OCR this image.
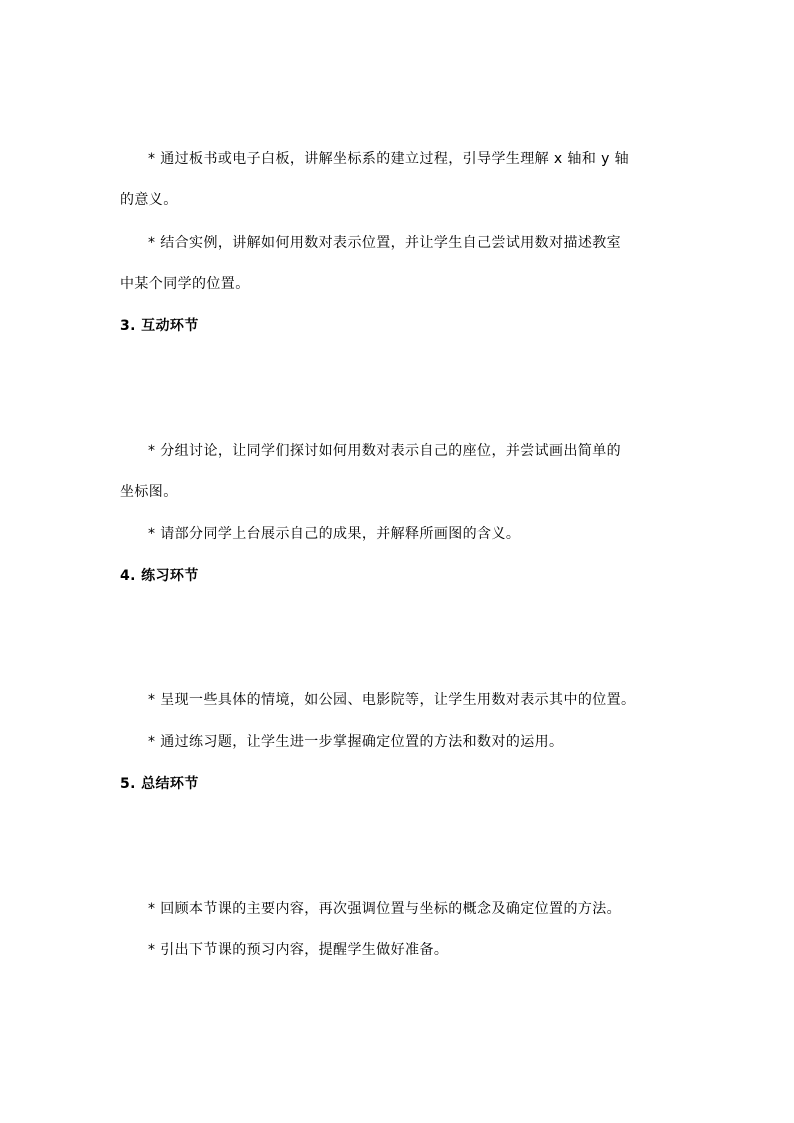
* 通过板书或电子白板，讲解坐标系的建立过程，引导学生理解 x 轴和 y 轴
的意义。
* 结合实例，讲解如何用数对表示位置，并让学生自己尝试用数对描述教室
中某个同学的位置。
3. 互动环节
* 分组讨论，让同学们探讨如何用数对表示自己的座位，并尝试画出简单的
坐标图。
* 请部分同学上台展示自己的成果，并解释所画图的含义。
4. 练习环节
* 呈现一些具体的情境，如公园、电影院等，让学生用数对表示其中的位置。
* 通过练习题，让学生进一步掌握确定位置的方法和数对的运用。
5. 总结环节
* 回顾本节课的主要内容，再次强调位置与坐标的概念及确定位置的方法。
* 引出下节课的预习内容，提醒学生做好准备。
